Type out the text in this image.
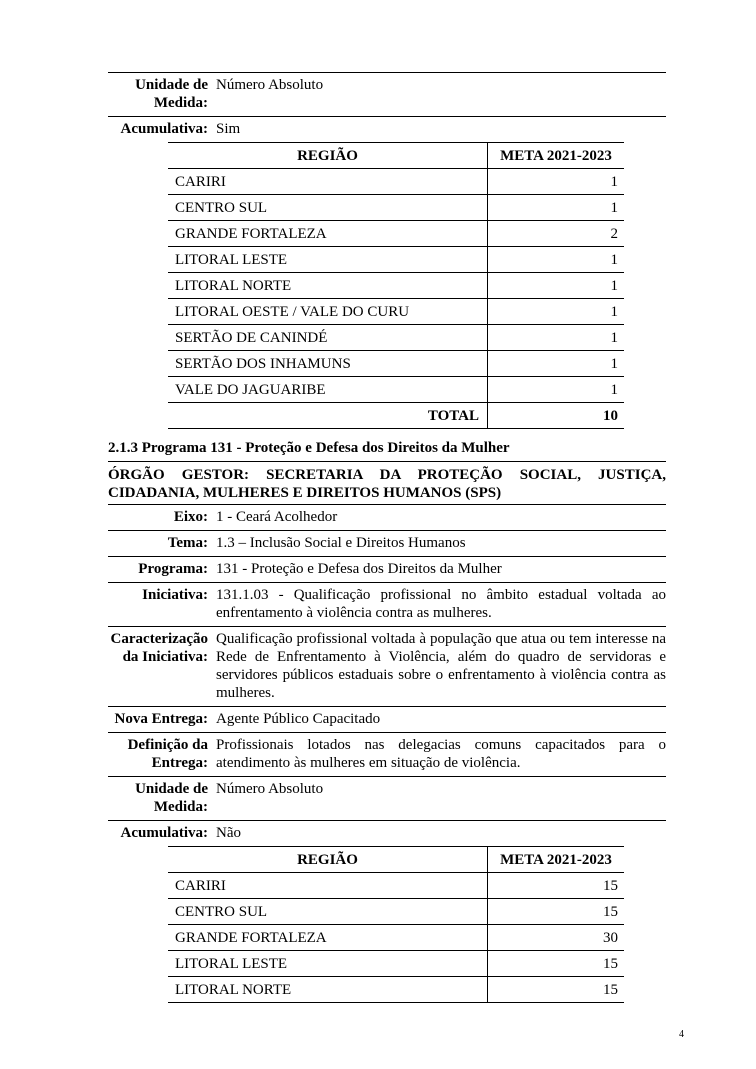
Unidade de Medida:
Número Absoluto
Acumulativa: Sim
REGIÃO	META 2021-2023
CARIRI	1
CENTRO SUL	1
GRANDE FORTALEZA	2
LITORAL LESTE	1
LITORAL NORTE	1
LITORAL OESTE / VALE DO CURU	1
SERTÃO DE CANINDÉ	1
SERTÃO DOS INHAMUNS	1
VALE DO JAGUARIBE	1
TOTAL	10
2.1.3 Programa 131 - Proteção e Defesa dos Direitos da Mulher
ÓRGÃO GESTOR: SECRETARIA DA PROTEÇÃO SOCIAL, JUSTIÇA,
CIDADANIA, MULHERES E DIREITOS HUMANOS (SPS)
Eixo: 1 - Ceará Acolhedor
Tema: 1.3 – Inclusão Social e Direitos Humanos
Programa: 131 - Proteção e Defesa dos Direitos da Mulher
Iniciativa: 131.1.03 - Qualificação profissional no âmbito estadual voltada ao enfrentamento à violência contra as mulheres.
Caracterização da Iniciativa:
Qualificação profissional voltada à população que atua ou tem interesse na Rede de Enfrentamento à Violência, além do quadro de servidoras e servidores públicos estaduais sobre o enfrentamento à violência contra as mulheres.
Nova Entrega: Agente Público Capacitado
Definição da Entrega:
Profissionais lotados nas delegacias comuns capacitados para o atendimento às mulheres em situação de violência.
Unidade de Medida:
Número Absoluto
Acumulativa: Não
REGIÃO	META 2021-2023
CARIRI	15
CENTRO SUL	15
GRANDE FORTALEZA	30
LITORAL LESTE	15
LITORAL NORTE	15
4
